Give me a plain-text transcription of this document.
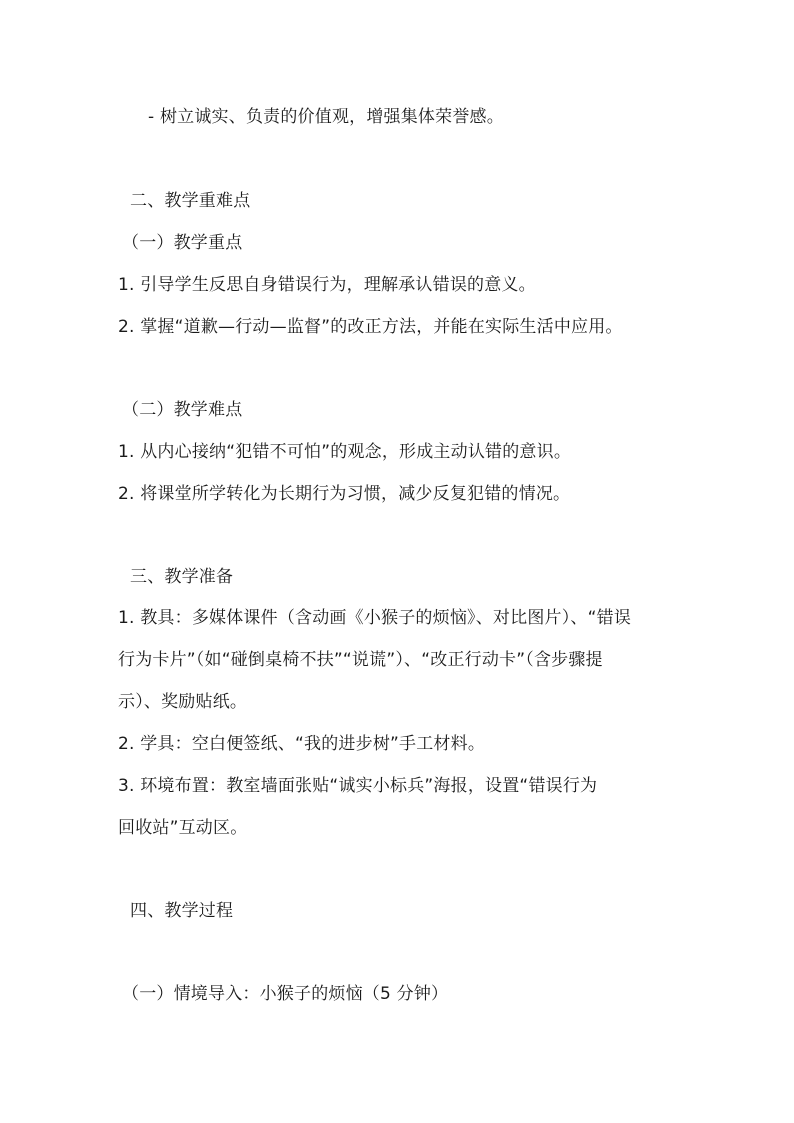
- 树立诚实、负责的价值观，增强集体荣誉感。
二、教学重难点
（一）教学重点
1. 引导学生反思自身错误行为，理解承认错误的意义。
2. 掌握“道歉—行动—监督”的改正方法，并能在实际生活中应用。
（二）教学难点
1. 从内心接纳“犯错不可怕”的观念，形成主动认错的意识。
2. 将课堂所学转化为长期行为习惯，减少反复犯错的情况。
三、教学准备
1. 教具：多媒体课件（含动画《小猴子的烦恼》、对比图片）、“错误
行为卡片”（如“碰倒桌椅不扶”“说谎”）、“改正行动卡”（含步骤提
示）、奖励贴纸。
2. 学具：空白便签纸、“我的进步树”手工材料。
3. 环境布置：教室墙面张贴“诚实小标兵”海报，设置“错误行为
回收站”互动区。
四、教学过程
（一）情境导入：小猴子的烦恼（5 分钟）
